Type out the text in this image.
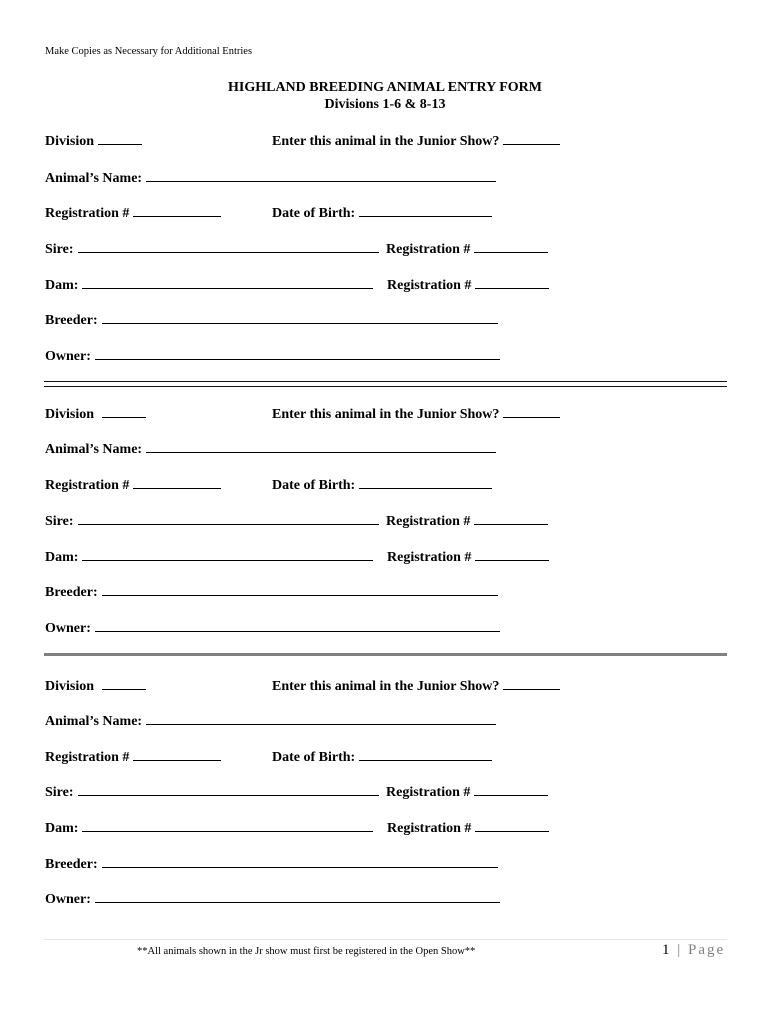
Make Copies as Necessary for Additional Entries
HIGHLAND BREEDING ANIMAL ENTRY FORM
Divisions 1-6 & 8-13
Division	Enter this animal in the Junior Show?
Animal’s Name:
Registration #	Date of Birth:
Sire:	Registration #
Dam:	Registration #
Breeder:
Owner:
Division	Enter this animal in the Junior Show?
Animal’s Name:
Registration #	Date of Birth:
Sire:	Registration #
Dam:	Registration #
Breeder:
Owner:
Division	Enter this animal in the Junior Show?
Animal’s Name:
Registration #	Date of Birth:
Sire:	Registration #
Dam:	Registration #
Breeder:
Owner:
**All animals shown in the Jr show must first be registered in the Open Show**	1 | Page
